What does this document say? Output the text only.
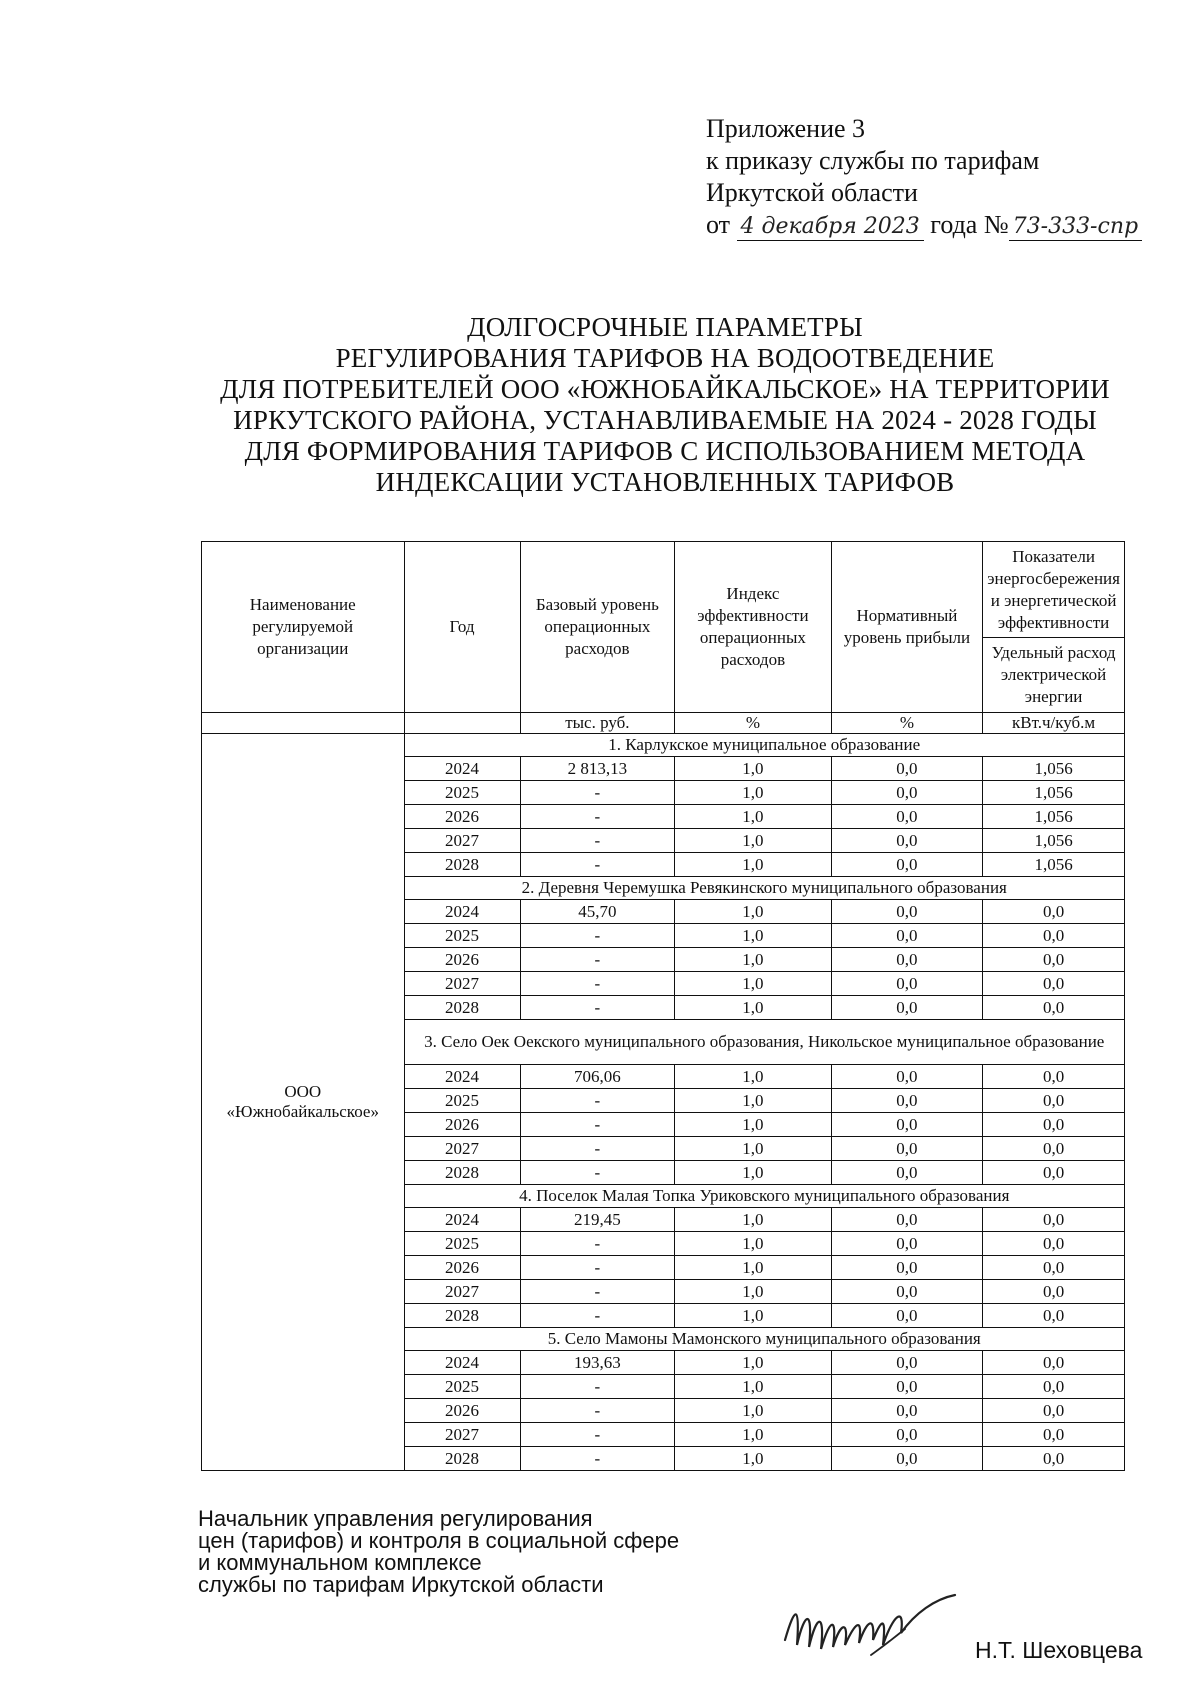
Приложение 3
к приказу службы по тарифам
Иркутской области
от 4 декабря 2023 года № 73-333-спр
ДОЛГОСРОЧНЫЕ ПАРАМЕТРЫ
РЕГУЛИРОВАНИЯ ТАРИФОВ НА ВОДООТВЕДЕНИЕ
ДЛЯ ПОТРЕБИТЕЛЕЙ ООО «ЮЖНОБАЙКАЛЬСКОЕ» НА ТЕРРИТОРИИ
ИРКУТСКОГО РАЙОНА, УСТАНАВЛИВАЕМЫЕ НА 2024 - 2028 ГОДЫ
ДЛЯ ФОРМИРОВАНИЯ ТАРИФОВ С ИСПОЛЬЗОВАНИЕМ МЕТОДА
ИНДЕКСАЦИИ УСТАНОВЛЕННЫХ ТАРИФОВ
Наименование регулируемой организации	Год	Базовый уровень операционных расходов	Индекс эффективности операционных расходов	Нормативный уровень прибыли	Показатели энергосбережения и энергетической эффективности
					Удельный расход электрической энергии
		тыс. руб.	%	%	кВт.ч/куб.м
ООО «Южнобайкальское»	1. Карлукское муниципальное образование				
	2024	2 813,13	1,0	0,0	1,056
	2025	-	1,0	0,0	1,056
	2026	-	1,0	0,0	1,056
	2027	-	1,0	0,0	1,056
	2028	-	1,0	0,0	1,056
	2. Деревня Черемушка Ревякинского муниципального образования				
	2024	45,70	1,0	0,0	0,0
	2025	-	1,0	0,0	0,0
	2026	-	1,0	0,0	0,0
	2027	-	1,0	0,0	0,0
	2028	-	1,0	0,0	0,0
	3. Село Оек Оекского муниципального образования, Никольское муниципальное образование				
	2024	706,06	1,0	0,0	0,0
	2025	-	1,0	0,0	0,0
	2026	-	1,0	0,0	0,0
	2027	-	1,0	0,0	0,0
	2028	-	1,0	0,0	0,0
	4. Поселок Малая Топка Уриковского муниципального образования				
	2024	219,45	1,0	0,0	0,0
	2025	-	1,0	0,0	0,0
	2026	-	1,0	0,0	0,0
	2027	-	1,0	0,0	0,0
	2028	-	1,0	0,0	0,0
	5. Село Мамоны Мамонского муниципального образования				
	2024	193,63	1,0	0,0	0,0
	2025	-	1,0	0,0	0,0
	2026	-	1,0	0,0	0,0
	2027	-	1,0	0,0	0,0
	2028	-	1,0	0,0	0,0
Начальник управления регулирования
цен (тарифов) и контроля в социальной сфере
и коммунальном комплексе
службы по тарифам Иркутской области
Н.Т. Шеховцева
